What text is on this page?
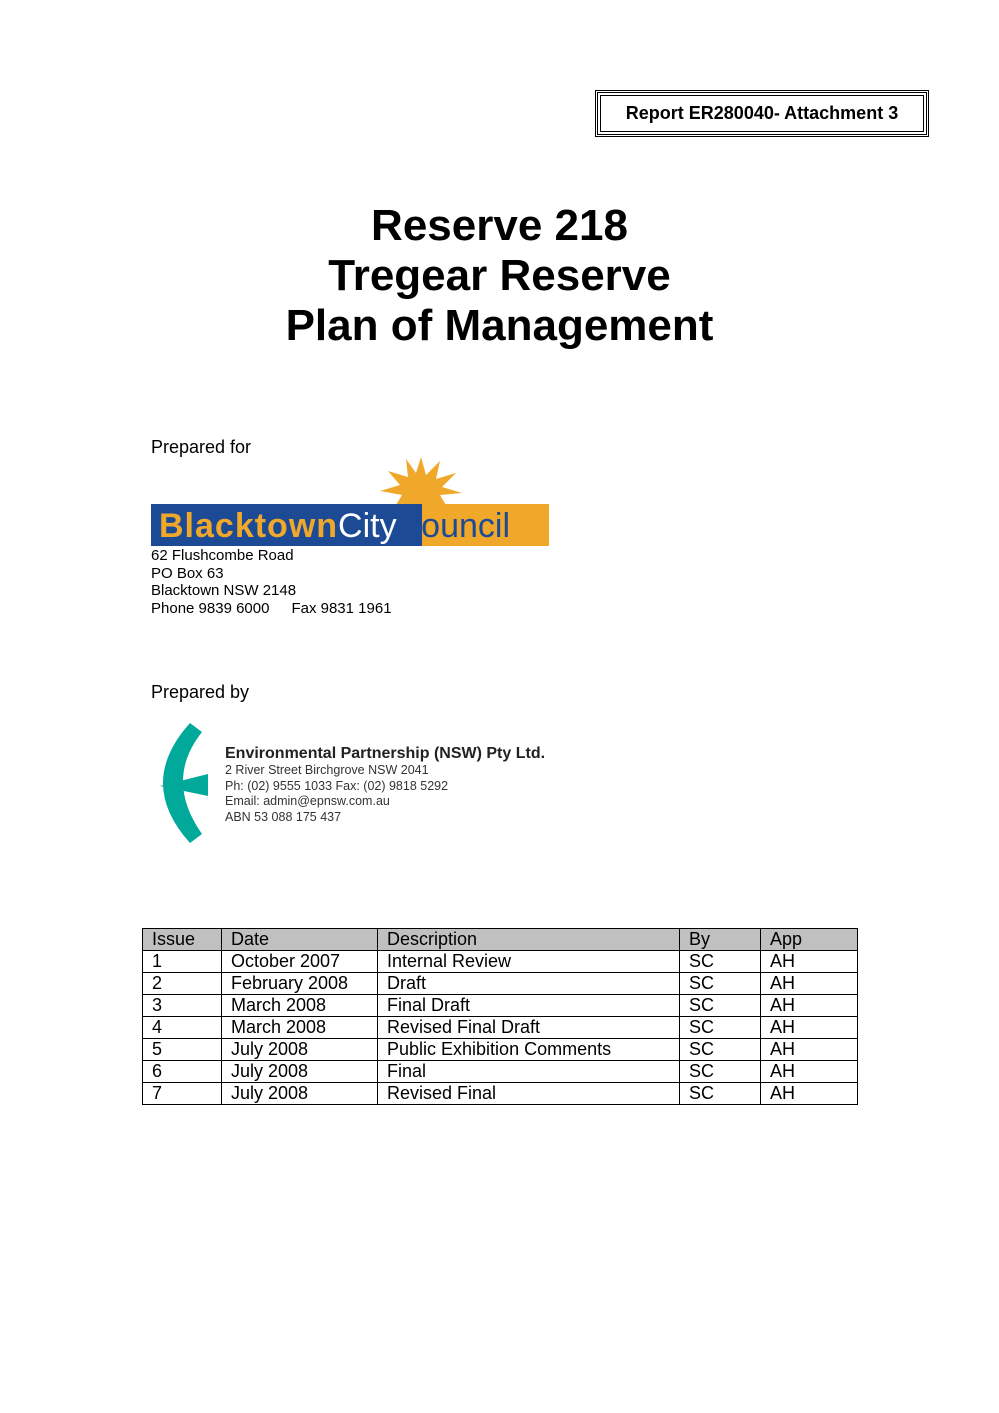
Report ER280040- Attachment 3
Reserve 218
Tregear Reserve
Plan of Management
Prepared for
BlacktownCityCouncil
62 Flushcombe Road
PO Box 63
Blacktown NSW 2148
Phone 9839 6000 Fax 9831 1961
Prepared by
Environmental Partnership (NSW) Pty Ltd.
2 River Street Birchgrove NSW 2041
Ph: (02) 9555 1033 Fax: (02) 9818 5292
Email: admin@epnsw.com.au
ABN 53 088 175 437
Issue	Date	Description	By	App
1	October 2007	Internal Review	SC	AH
2	February 2008	Draft	SC	AH
3	March 2008	Final Draft	SC	AH
4	March 2008	Revised Final Draft	SC	AH
5	July 2008	Public Exhibition Comments	SC	AH
6	July 2008	Final	SC	AH
7	July 2008	Revised Final	SC	AH
